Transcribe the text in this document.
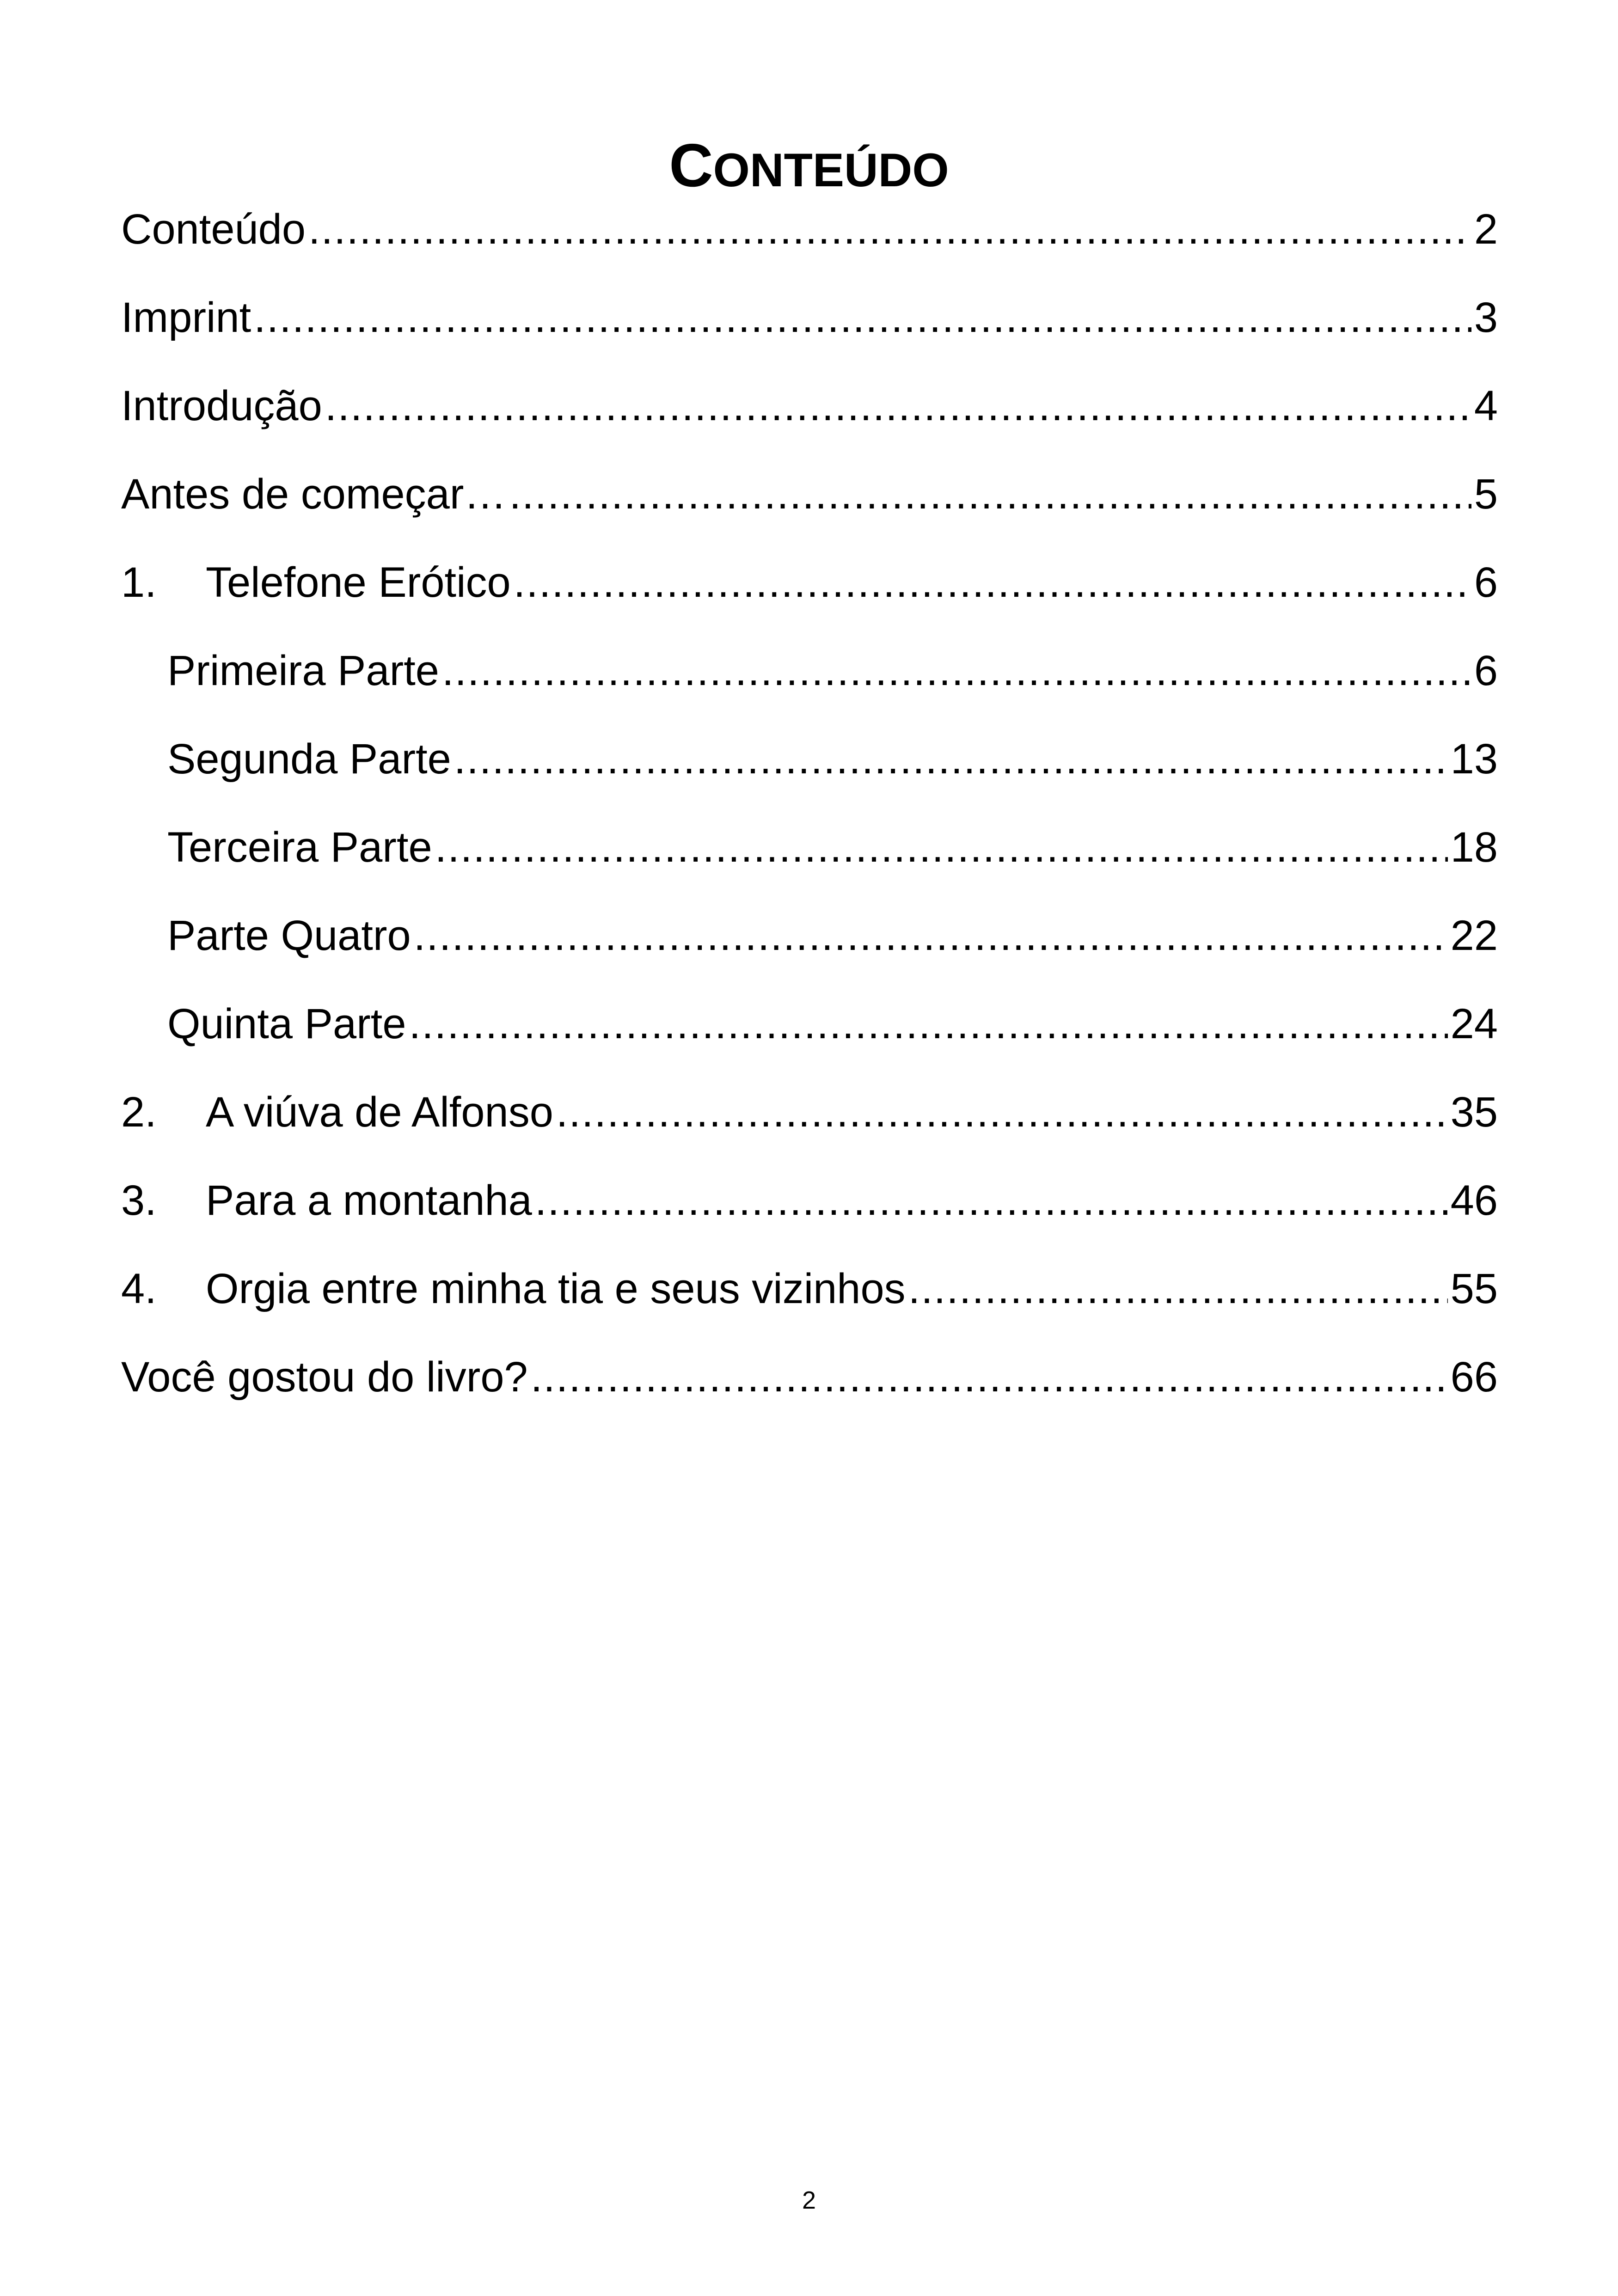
CONTEÚDO
Conteúdo .....	2
Imprint .....	3
Introdução .....	4
Antes de começar… .....	5
1.	Telefone Erótico .....	6
Primeira Parte .....	6
Segunda Parte .....	13
Terceira Parte .....	18
Parte Quatro .....	22
Quinta Parte .....	24
2.	A viúva de Alfonso .....	35
3.	Para a montanha .....	46
4.	Orgia entre minha tia e seus vizinhos .....	55
Você gostou do livro? .....	66
2
